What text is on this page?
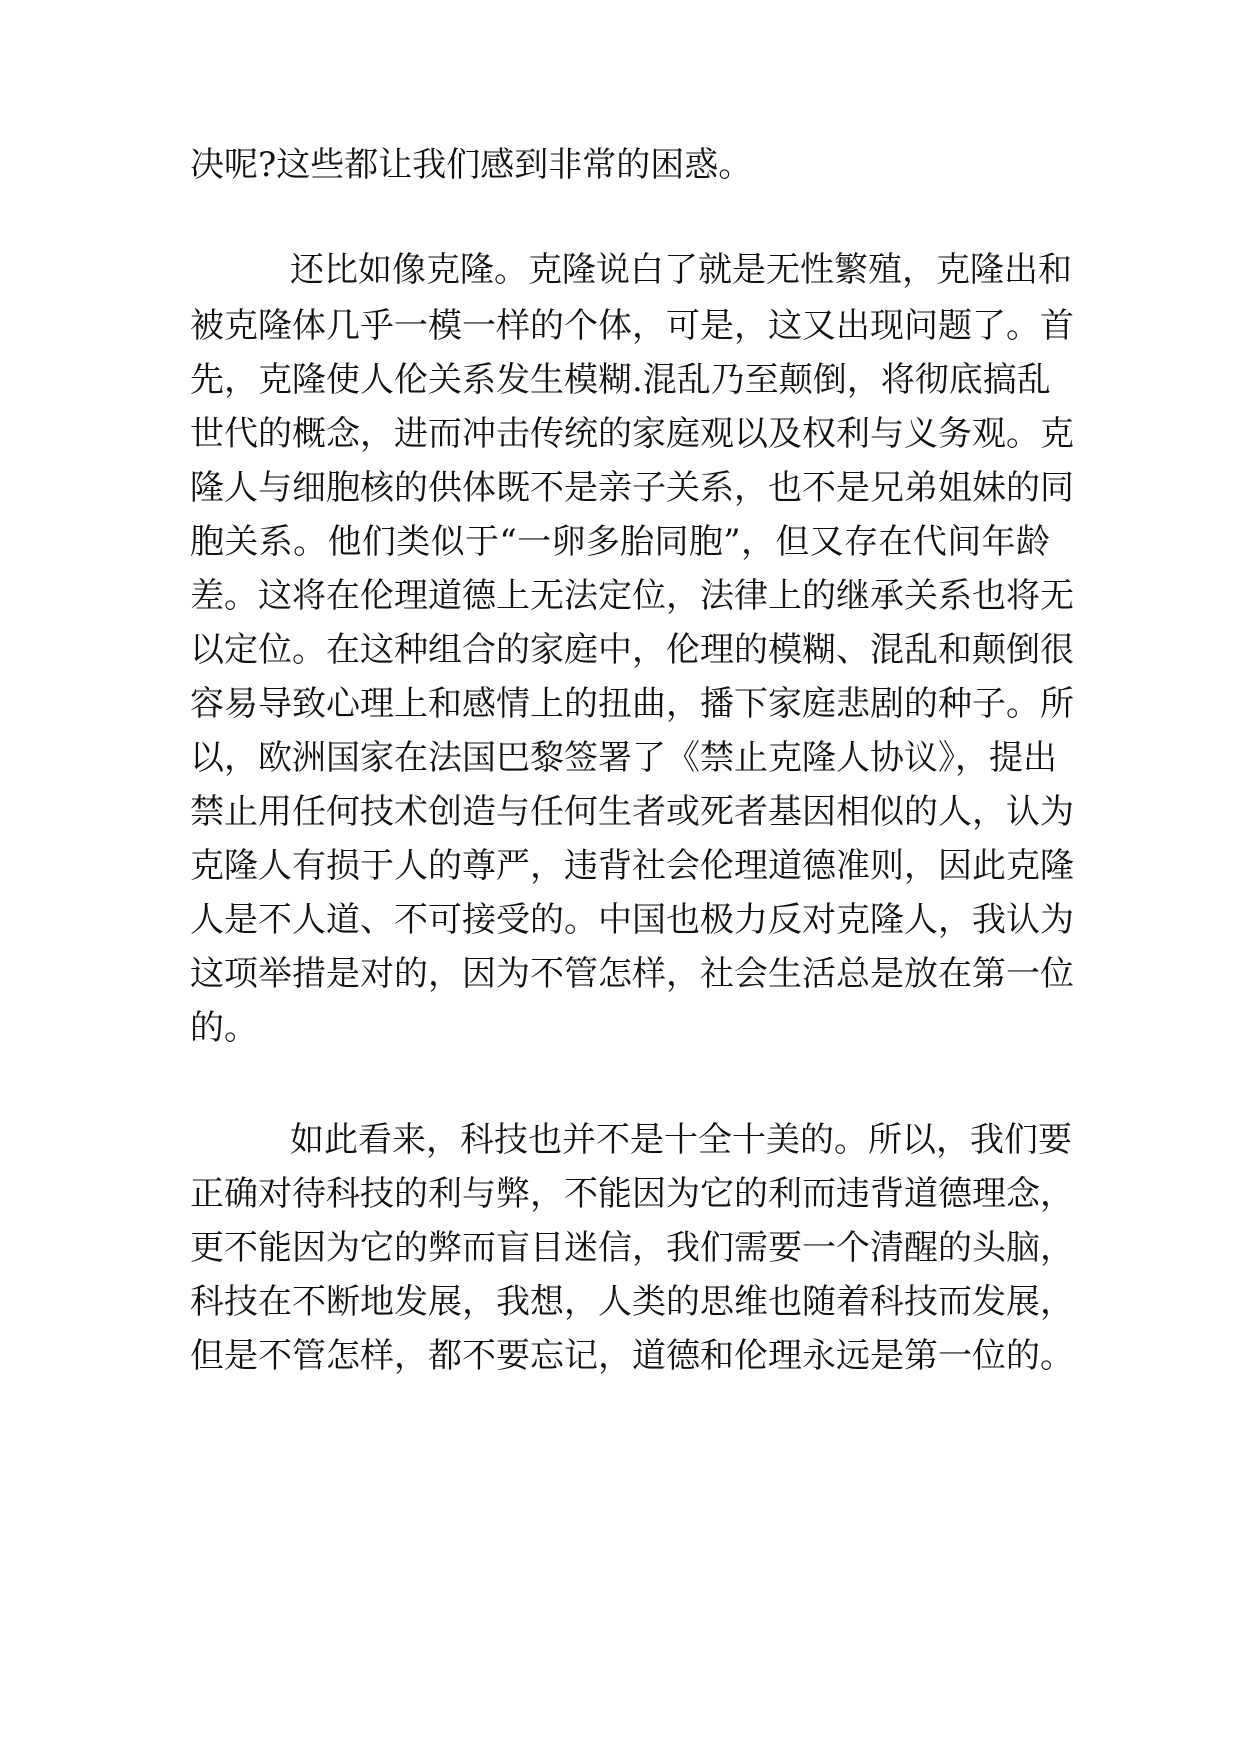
决呢?这些都让我们感到非常的困惑。

还比如像克隆。克隆说白了就是无性繁殖，克隆出和

被克隆体几乎一模一样的个体，可是，这又出现问题了。首

先，克隆使人伦关系发生模糊.混乱乃至颠倒，将彻底搞乱

世代的概念，进而冲击传统的家庭观以及权利与义务观。克

隆人与细胞核的供体既不是亲子关系，也不是兄弟姐妹的同

胞关系。他们类似于“一卵多胎同胞”，但又存在代间年龄

差。这将在伦理道德上无法定位，法律上的继承关系也将无

以定位。在这种组合的家庭中，伦理的模糊、混乱和颠倒很

容易导致心理上和感情上的扭曲，播下家庭悲剧的种子。所

以，欧洲国家在法国巴黎签署了《禁止克隆人协议》，提出

禁止用任何技术创造与任何生者或死者基因相似的人，认为

克隆人有损于人的尊严，违背社会伦理道德准则，因此克隆

人是不人道、不可接受的。中国也极力反对克隆人，我认为

这项举措是对的，因为不管怎样，社会生活总是放在第一位

的。

如此看来，科技也并不是十全十美的。所以，我们要

正确对待科技的利与弊，不能因为它的利而违背道德理念，

更不能因为它的弊而盲目迷信，我们需要一个清醒的头脑，

科技在不断地发展，我想，人类的思维也随着科技而发展，

但是不管怎样，都不要忘记，道德和伦理永远是第一位的。
